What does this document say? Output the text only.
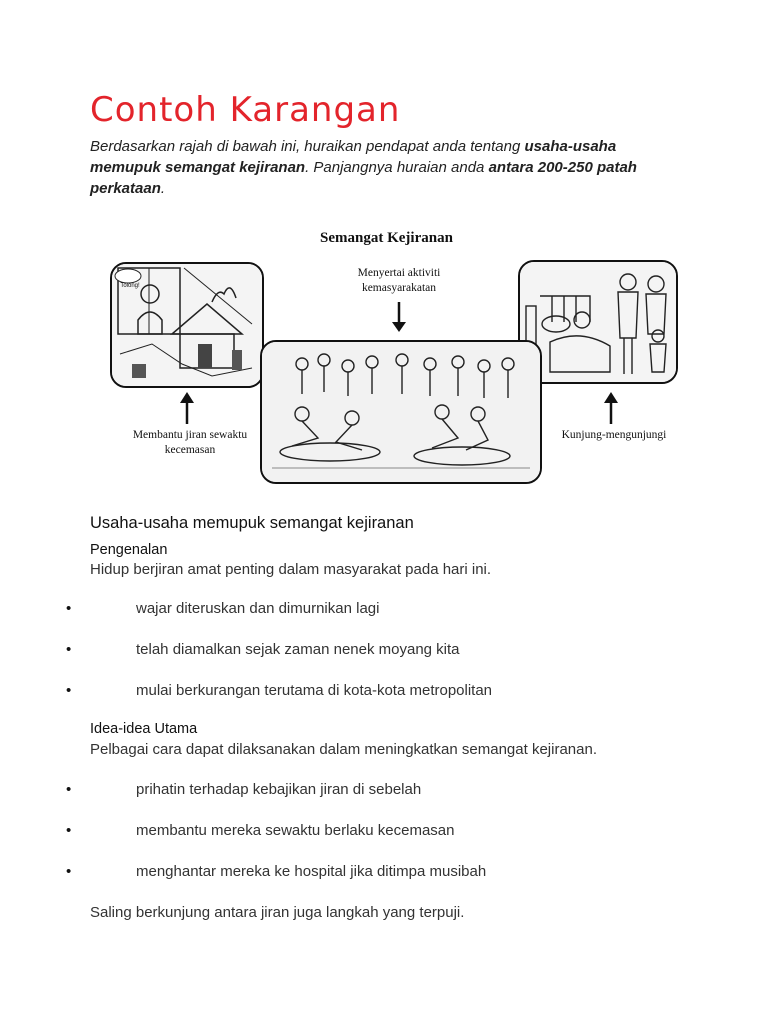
Contoh Karangan
Berdasarkan rajah di bawah ini, huraikan pendapat anda tentang usaha-usaha memupuk semangat kejiranan. Panjangnya huraian anda antara 200-250 patah perkataan.
Semangat Kejiranan
Menyertai aktiviti kemasyarakatan
Tolong!
Membantu jiran sewaktu kecemasan
Kunjung-mengunjungi
Usaha-usaha memupuk semangat kejiranan
Pengenalan
Hidup berjiran amat penting dalam masyarakat pada hari ini.
•	wajar diteruskan dan dimurnikan lagi
•	telah diamalkan sejak zaman nenek moyang kita
•	mulai berkurangan terutama di kota-kota metropolitan
Idea-idea Utama
Pelbagai cara dapat dilaksanakan dalam meningkatkan semangat kejiranan.
•	prihatin terhadap kebajikan jiran di sebelah
•	membantu mereka sewaktu berlaku kecemasan
•	menghantar mereka ke hospital jika ditimpa musibah
Saling berkunjung antara jiran juga langkah yang terpuji.
